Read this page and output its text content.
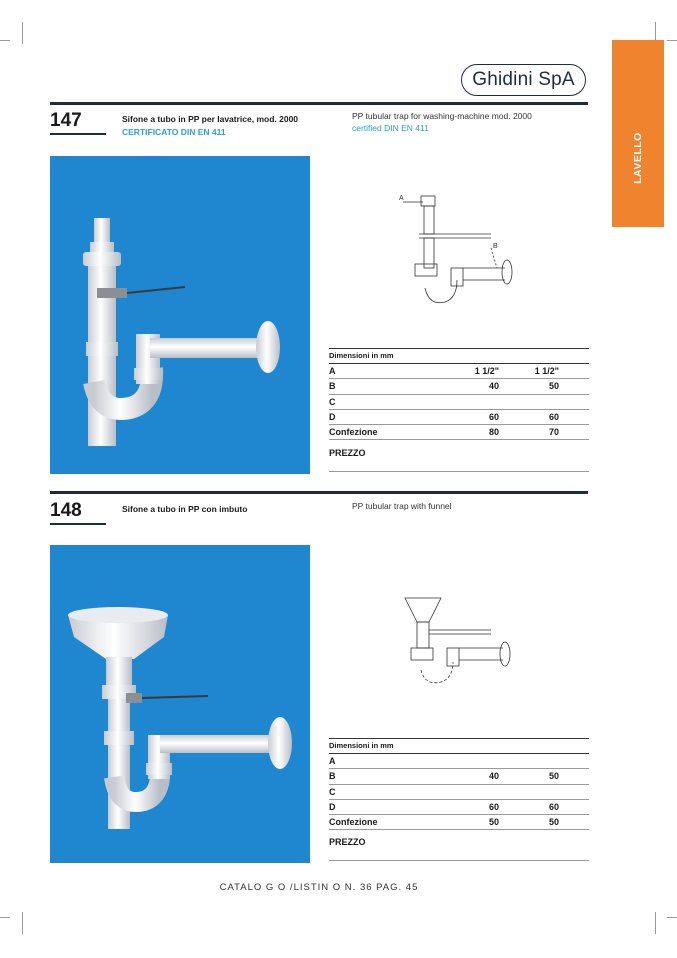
Ghidini SpA
LAVELLO
147	Sifone a tubo in PP per lavatrice, mod. 2000
CERTIFICATO DIN EN 411
PP tubular trap for washing-machine mod. 2000
certified DIN EN 411
A
B
Dimensioni in mm
A	1 1/2"	1 1/2"
B	40	50
C
D	60	60
Confezione	80	70
PREZZO
148	Sifone a tubo in PP con imbuto	PP tubular trap with funnel
Dimensioni in mm
A
B	40	50
C
D	60	60
Confezione	50	50
PREZZO
CATALO G O /LISTIN O N. 36 PAG. 45
